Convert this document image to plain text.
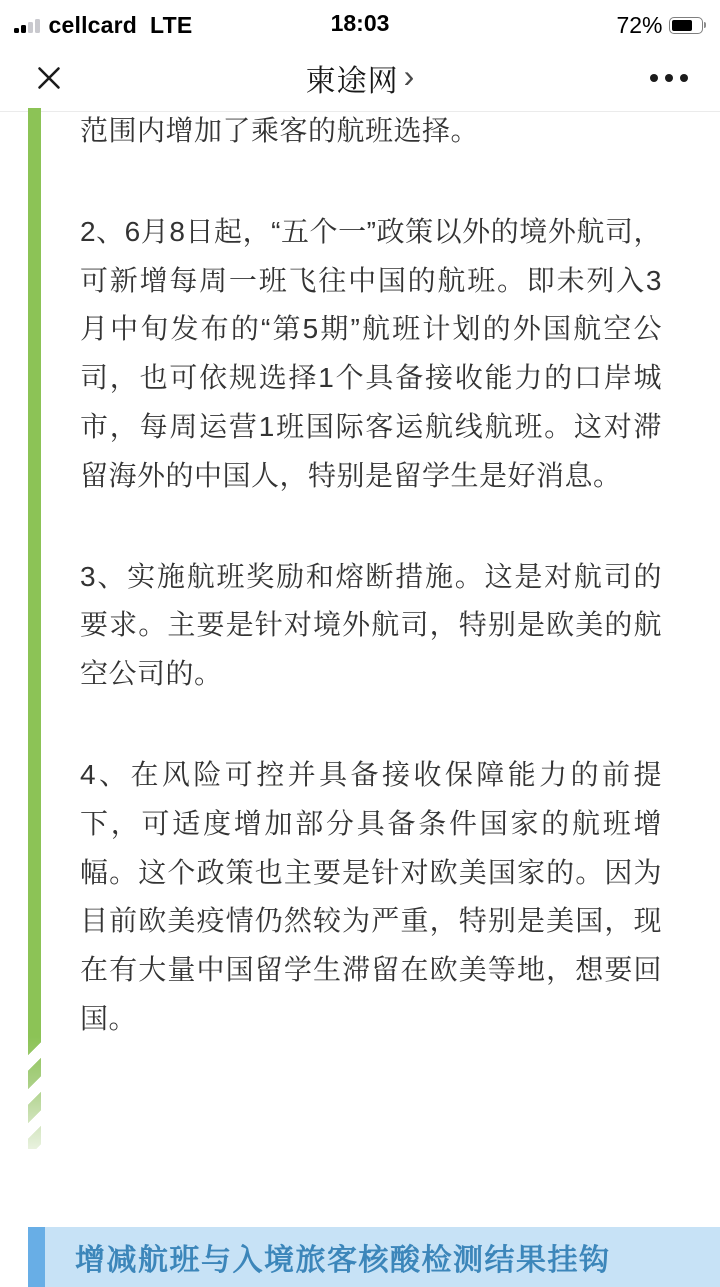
cellcard LTE	18:03	72%
柬途网 ›

范围内增加了乘客的航班选择。

2、6月8日起，“五个一”政策以外的境外航司，可新增每周一班飞往中国的航班。即未列入3月中旬发布的“第5期”航班计划的外国航空公司，也可依规选择1个具备接收能力的口岸城市，每周运营1班国际客运航线航班。这对滞留海外的中国人，特别是留学生是好消息。

3、实施航班奖励和熔断措施。这是对航司的要求。主要是针对境外航司，特别是欧美的航空公司的。

4、在风险可控并具备接收保障能力的前提下，可适度增加部分具备条件国家的航班增幅。这个政策也主要是针对欧美国家的。因为目前欧美疫情仍然较为严重，特别是美国，现在有大量中国留学生滞留在欧美等地，想要回国。

增减航班与入境旅客核酸检测结果挂钩
